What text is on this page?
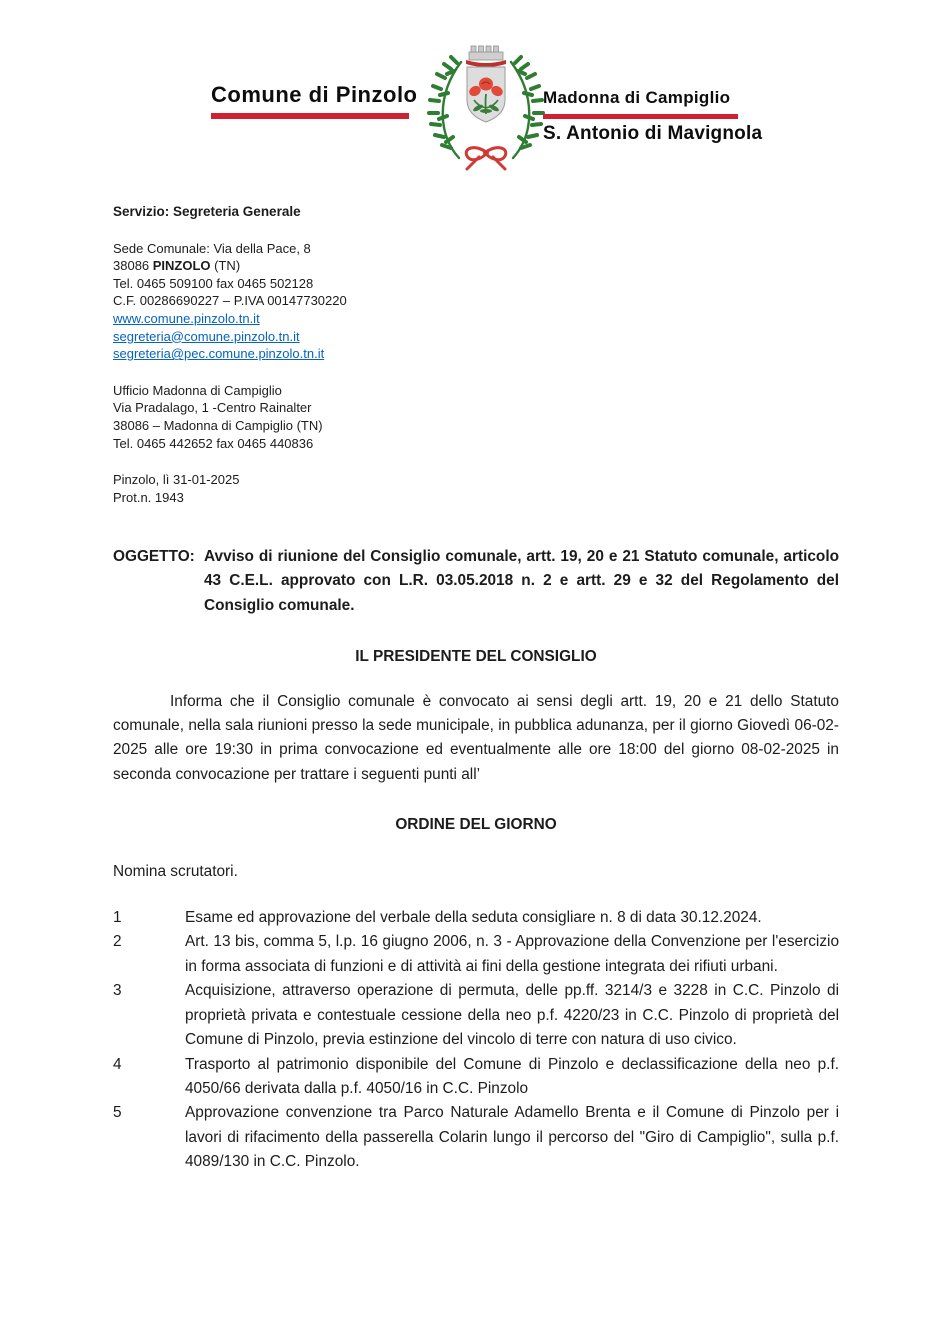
Comune di Pinzolo	Madonna di Campiglio
S. Antonio di Mavignola
Servizio: Segreteria Generale
Sede Comunale: Via della Pace, 8
38086 PINZOLO (TN)
Tel. 0465 509100 fax 0465 502128
C.F. 00286690227 – P.IVA 00147730220
www.comune.pinzolo.tn.it
segreteria@comune.pinzolo.tn.it
segreteria@pec.comune.pinzolo.tn.it
Ufficio Madonna di Campiglio
Via Pradalago, 1 -Centro Rainalter
38086 – Madonna di Campiglio (TN)
Tel. 0465 442652 fax 0465 440836
Pinzolo, lì 31-01-2025
Prot.n. 1943
OGGETTO: Avviso di riunione del Consiglio comunale, artt. 19, 20 e 21 Statuto comunale, articolo 43 C.E.L. approvato con L.R. 03.05.2018 n. 2 e artt. 29 e 32 del Regolamento del Consiglio comunale.
IL PRESIDENTE DEL CONSIGLIO
Informa che il Consiglio comunale è convocato ai sensi degli artt. 19, 20 e 21 dello Statuto comunale, nella sala riunioni presso la sede municipale, in pubblica adunanza, per il giorno Giovedì 06-02-2025 alle ore 19:30 in prima convocazione ed eventualmente alle ore 18:00 del giorno 08-02-2025 in seconda convocazione per trattare i seguenti punti all’
ORDINE DEL GIORNO
Nomina scrutatori.
1	Esame ed approvazione del verbale della seduta consigliare n. 8 di data 30.12.2024.
2	Art. 13 bis, comma 5, l.p. 16 giugno 2006, n. 3 - Approvazione della Convenzione per l'esercizio in forma associata di funzioni e di attività ai fini della gestione integrata dei rifiuti urbani.
3	Acquisizione, attraverso operazione di permuta, delle pp.ff. 3214/3 e 3228 in C.C. Pinzolo di proprietà privata e contestuale cessione della neo p.f. 4220/23 in C.C. Pinzolo di proprietà del Comune di Pinzolo, previa estinzione del vincolo di terre con natura di uso civico.
4	Trasporto al patrimonio disponibile del Comune di Pinzolo e declassificazione della neo p.f. 4050/66 derivata dalla p.f. 4050/16 in C.C. Pinzolo
5	Approvazione convenzione tra Parco Naturale Adamello Brenta e il Comune di Pinzolo per i lavori di rifacimento della passerella Colarin lungo il percorso del "Giro di Campiglio", sulla p.f. 4089/130 in C.C. Pinzolo.
